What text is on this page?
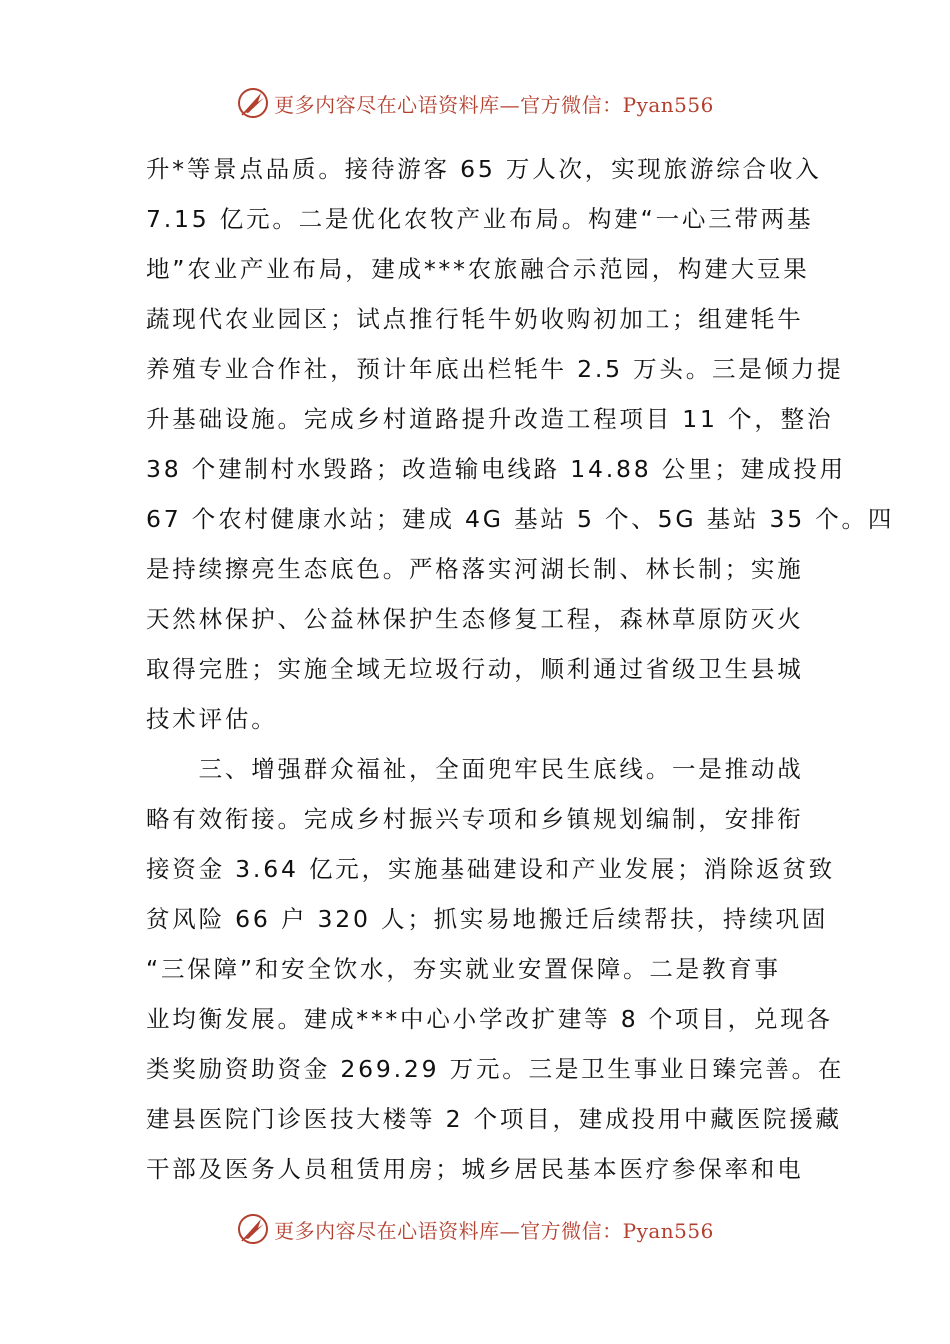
更多内容尽在心语资料库—官方微信：Pyan556
升*等景点品质。接待游客 65 万人次，实现旅游综合收入
7.15 亿元。二是优化农牧产业布局。构建“一心三带两基
地”农业产业布局，建成***农旅融合示范园，构建大豆果
蔬现代农业园区；试点推行牦牛奶收购初加工；组建牦牛
养殖专业合作社，预计年底出栏牦牛 2.5 万头。三是倾力提
升基础设施。完成乡村道路提升改造工程项目 11 个，整治
38 个建制村水毁路；改造输电线路 14.88 公里；建成投用
67 个农村健康水站；建成 4G 基站 5 个、5G 基站 35 个。四
是持续擦亮生态底色。严格落实河湖长制、林长制；实施
天然林保护、公益林保护生态修复工程，森林草原防灭火
取得完胜；实施全域无垃圾行动，顺利通过省级卫生县城
技术评估。
　　三、增强群众福祉，全面兜牢民生底线。一是推动战
略有效衔接。完成乡村振兴专项和乡镇规划编制，安排衔
接资金 3.64 亿元，实施基础建设和产业发展；消除返贫致
贫风险 66 户 320 人；抓实易地搬迁后续帮扶，持续巩固
“三保障”和安全饮水，夯实就业安置保障。二是教育事
业均衡发展。建成***中心小学改扩建等 8 个项目，兑现各
类奖励资助资金 269.29 万元。三是卫生事业日臻完善。在
建县医院门诊医技大楼等 2 个项目，建成投用中藏医院援藏
干部及医务人员租赁用房；城乡居民基本医疗参保率和电
更多内容尽在心语资料库—官方微信：Pyan556
